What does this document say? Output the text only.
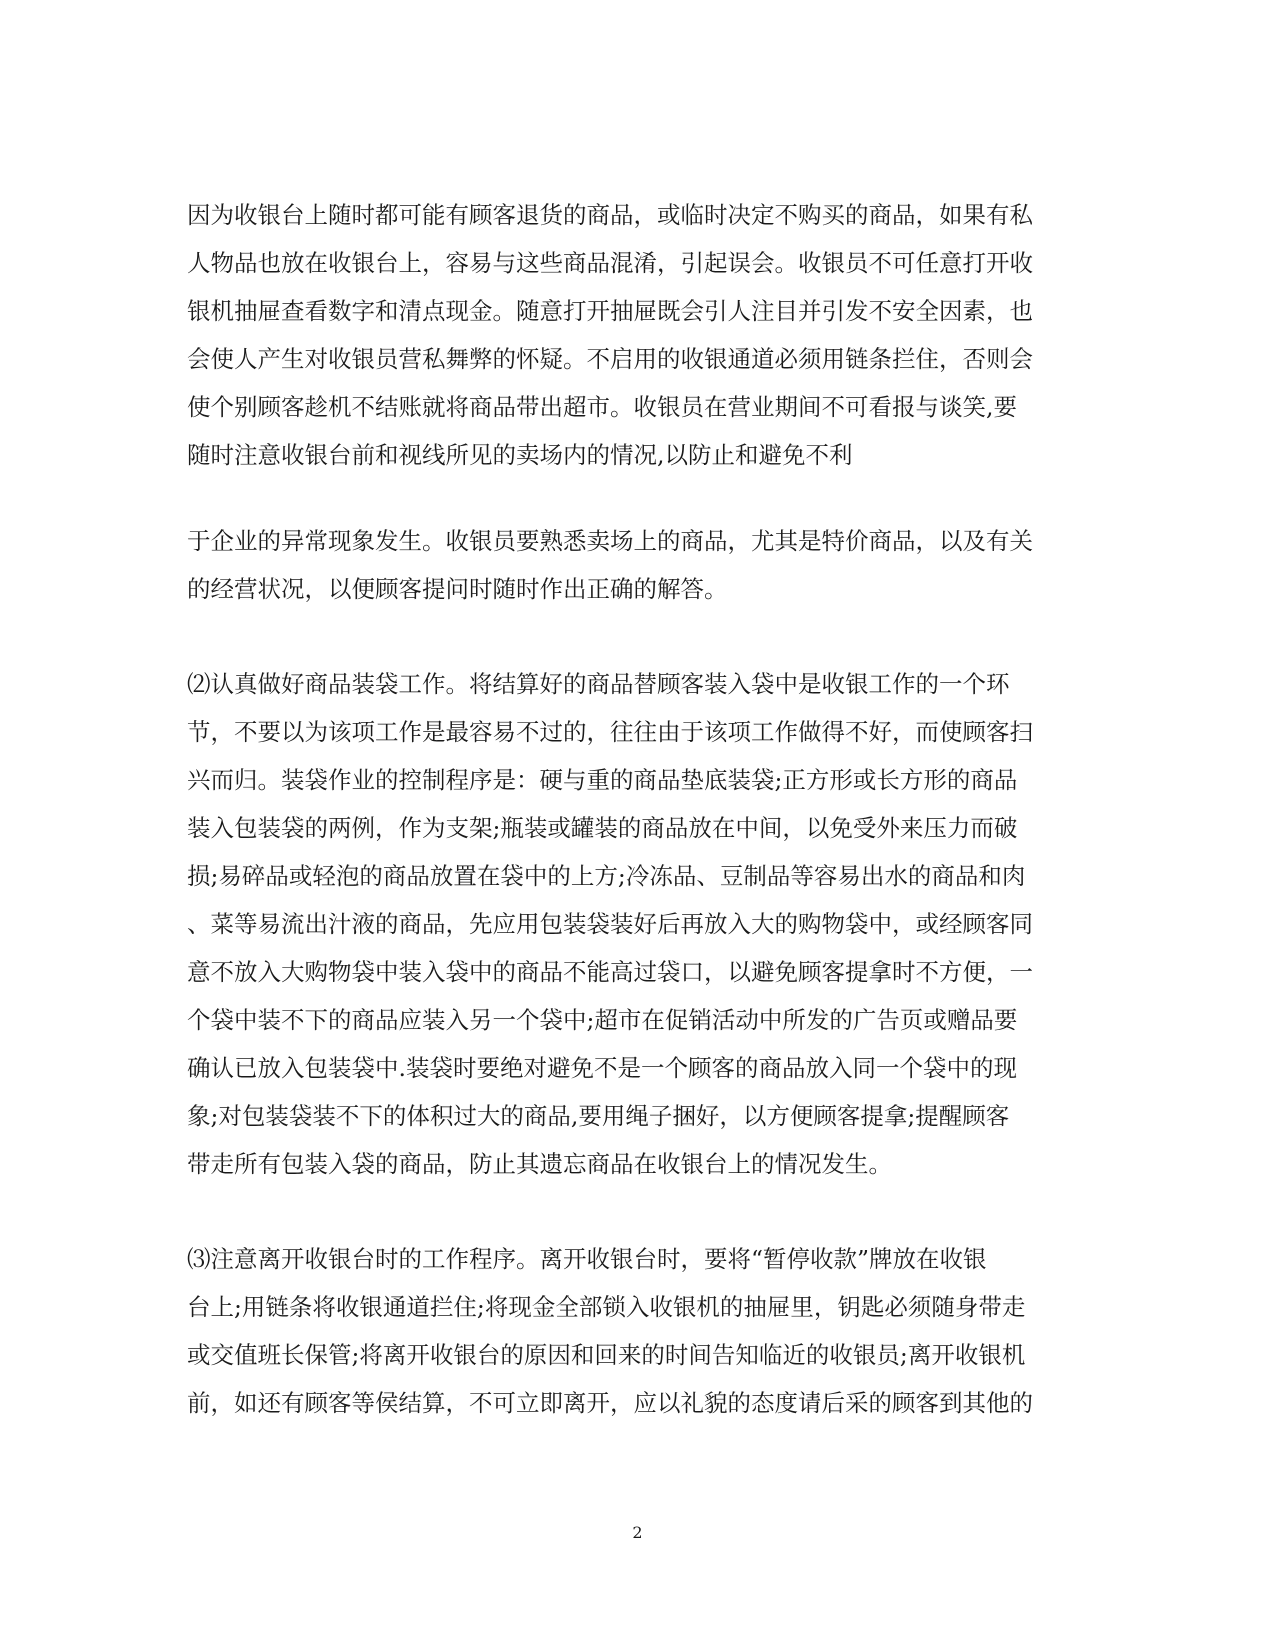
因为收银台上随时都可能有顾客退货的商品，或临时决定不购买的商品，如果有私

人物品也放在收银台上，容易与这些商品混淆，引起误会。收银员不可任意打开收

银机抽屉查看数字和清点现金。随意打开抽屉既会引人注目并引发不安全因素，也

会使人产生对收银员营私舞弊的怀疑。不启用的收银通道必须用链条拦住，否则会

使个别顾客趁机不结账就将商品带出超市。收银员在营业期间不可看报与谈笑,要

随时注意收银台前和视线所见的卖场内的情况,以防止和避免不利

于企业的异常现象发生。收银员要熟悉卖场上的商品，尤其是特价商品，以及有关

的经营状况，以便顾客提问时随时作出正确的解答。

⑵认真做好商品装袋工作。将结算好的商品替顾客装入袋中是收银工作的一个环

节，不要以为该项工作是最容易不过的，往往由于该项工作做得不好，而使顾客扫

兴而归。装袋作业的控制程序是：硬与重的商品垫底装袋;正方形或长方形的商品

装入包装袋的两例，作为支架;瓶装或罐装的商品放在中间，以免受外来压力而破

损;易碎品或轻泡的商品放置在袋中的上方;冷冻品、豆制品等容易出水的商品和肉

、菜等易流出汁液的商品，先应用包装袋装好后再放入大的购物袋中，或经顾客同

意不放入大购物袋中装入袋中的商品不能高过袋口，以避免顾客提拿时不方便，一

个袋中装不下的商品应装入另一个袋中;超市在促销活动中所发的广告页或赠品要

确认已放入包装袋中.装袋时要绝对避免不是一个顾客的商品放入同一个袋中的现

象;对包装袋装不下的体积过大的商品,要用绳子捆好，以方便顾客提拿;提醒顾客

带走所有包装入袋的商品，防止其遗忘商品在收银台上的情况发生。

⑶注意离开收银台时的工作程序。离开收银台时，要将“暂停收款”牌放在收银

台上;用链条将收银通道拦住;将现金全部锁入收银机的抽屉里，钥匙必须随身带走

或交值班长保管;将离开收银台的原因和回来的时间告知临近的收银员;离开收银机

前，如还有顾客等侯结算，不可立即离开，应以礼貌的态度请后采的顾客到其他的

2
